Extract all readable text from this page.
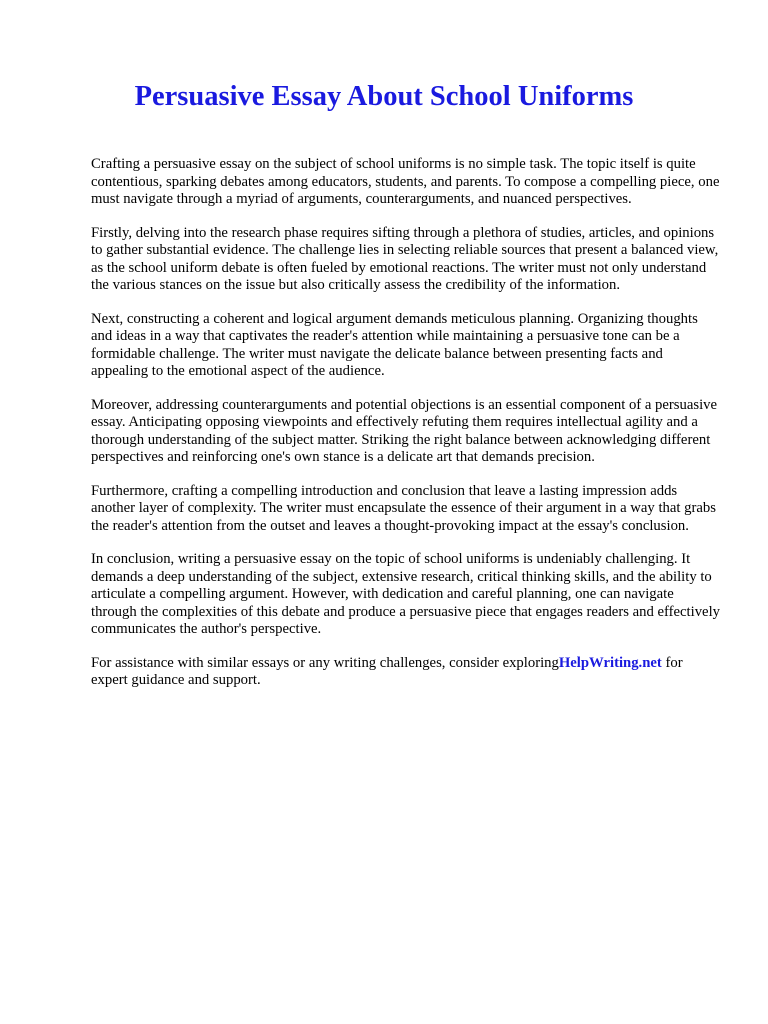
Persuasive Essay About School Uniforms

Crafting a persuasive essay on the subject of school uniforms is no simple task. The topic itself is quite contentious, sparking debates among educators, students, and parents. To compose a compelling piece, one must navigate through a myriad of arguments, counterarguments, and nuanced perspectives.

Firstly, delving into the research phase requires sifting through a plethora of studies, articles, and opinions to gather substantial evidence. The challenge lies in selecting reliable sources that present a balanced view, as the school uniform debate is often fueled by emotional reactions. The writer must not only understand the various stances on the issue but also critically assess the credibility of the information.

Next, constructing a coherent and logical argument demands meticulous planning. Organizing thoughts and ideas in a way that captivates the reader's attention while maintaining a persuasive tone can be a formidable challenge. The writer must navigate the delicate balance between presenting facts and appealing to the emotional aspect of the audience.

Moreover, addressing counterarguments and potential objections is an essential component of a persuasive essay. Anticipating opposing viewpoints and effectively refuting them requires intellectual agility and a thorough understanding of the subject matter. Striking the right balance between acknowledging different perspectives and reinforcing one's own stance is a delicate art that demands precision.

Furthermore, crafting a compelling introduction and conclusion that leave a lasting impression adds another layer of complexity. The writer must encapsulate the essence of their argument in a way that grabs the reader's attention from the outset and leaves a thought-provoking impact at the essay's conclusion.

In conclusion, writing a persuasive essay on the topic of school uniforms is undeniably challenging. It demands a deep understanding of the subject, extensive research, critical thinking skills, and the ability to articulate a compelling argument. However, with dedication and careful planning, one can navigate through the complexities of this debate and produce a persuasive piece that engages readers and effectively communicates the author's perspective.

For assistance with similar essays or any writing challenges, consider exploringHelpWriting.net for expert guidance and support.
